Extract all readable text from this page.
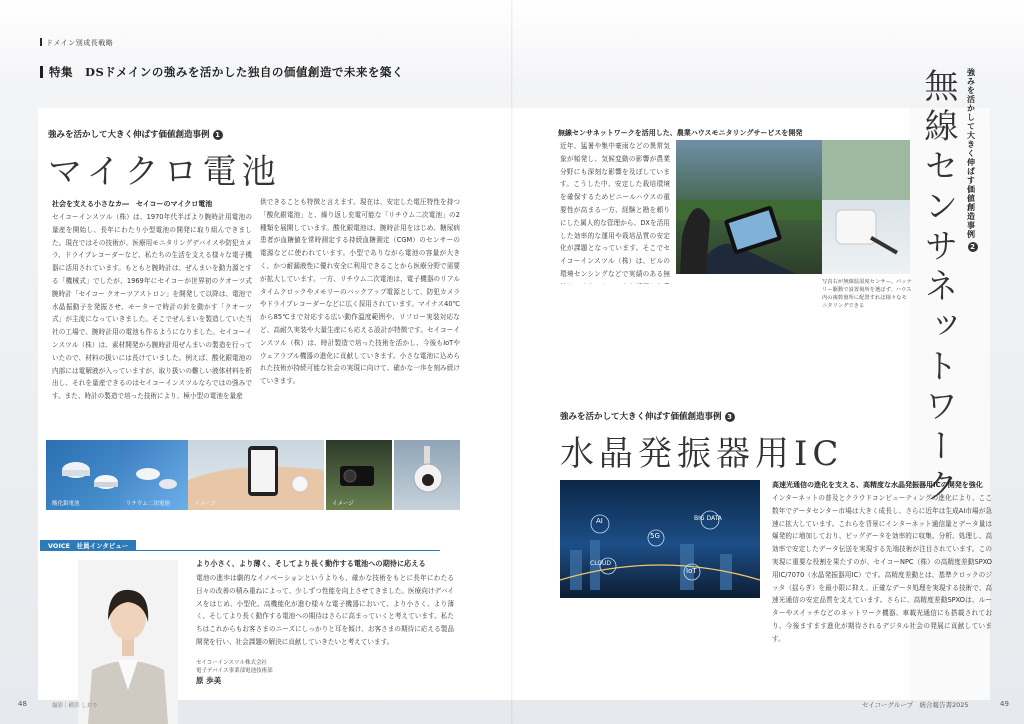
ドメイン別成長戦略
特集　DSドメインの強みを活かした独自の価値創造で未来を築く
強みを活かして大きく伸ばす価値創造事例 1
マイクロ電池
社会を支える小さなカ―　セイコーのマイクロ電池
セイコーインスツル（株）は、1970年代半ばより腕時計用電池の量産を開始し、長年にわたり小型電池の開発に取り組んできました。現在ではその技術が、医療用モニタリングデバイスや防犯カメラ、ドライブレコーダーなど、私たちの生活を支える様々な電子機器に活用されています。もともと腕時計は、ぜんまいを動力源とする「機械式」でしたが、1969年にセイコーが世界初のクオーツ式腕時計「セイコー クオーツアストロン」を開発して以降は、電池で水晶振動子を発振させ、モーターで時計の針を動かす「クオーツ式」が主流になっていきました。そこでぜんまいを製造していた当社の工場で、腕時計用の電池も作るようになりました。セイコーインスツル（株）は、素材開発から腕時計用ぜんまいの製造を行っていたので、材料の扱いには長けていました。例えば、酸化銀電池の内部には電解液が入っていますが、取り扱いの難しい液体材料を析出し、それを量産できるのはセイコーインスツルならではの強みです。また、時計の製造で培った技術により、極小型の電池を量産
供できることも特徴と言えます。現在は、安定した電圧特性を持つ「酸化銀電池」と、繰り返し充電可能な「リチウム二次電池」の2種類を展開しています。酸化銀電池は、腕時計用をはじめ、糖尿病患者が血糖値を常時測定する持続血糖測定（CGM）のセンサーの電源などに使われています。小型でありながら電池の容量が大きく、かつ耐漏液性に優れ安全に利用できることから医療分野で需要が拡大しています。一方、リチウム二次電池は、電子機器のリアルタイムクロックやメモリーのバックアップ電源として、防犯カメラやドライブレコーダーなどに広く採用されています。マイナス40℃から85℃まで対応する広い動作温度範囲や、リフロー実装対応など、高耐久実装や大量生産にも応える設計が特徴です。セイコーインスツル（株）は、時計製造で培った技術を活かし、今後もIoTやウェアラブル機器の進化に貢献していきます。小さな電池に込められた技術が持続可能な社会の実現に向けて、確かな一歩を刻み続けていきます。
酸化銀電池	リチウム二次電池	イメージ	イメージ
VOICE　社員インタビュー
より小さく、より薄く、そしてより長く動作する電池への期待に応える
電池の進歩は劇的なイノベーションというよりも、確かな技術をもとに長年にわたる日々の改善の積み重ねによって、少しずつ性能を向上させてきました。医療向けデバイスをはじめ、小型化、高機能化が進む様々な電子機器において、より小さく、より薄く、そしてより長く動作する電池への期待はさらに高まっていくと考えています。私たちはこれからもお客さまのニーズにしっかりと耳を傾け、お客さまの期待に応える製品開発を行い、社会課題の解決に貢献していきたいと考えています。
セイコーインスツル株式会社
電子デバイス事業部電池技術部
原 歩美
強みを活かして大きく伸ばす価値創造事例2
無線センサネットワーク
無線センサネットワークを活用した、農業ハウスモニタリングサービスを開発
近年、猛暑や集中豪雨などの異常気象が頻発し、気候変動の影響が農業分野にも深刻な影響を及ぼしています。こうした中、安定した栽培環境を確保するためビニールハウスの重要性が高まる一方、経験と勘を頼りにした属人的な管理から、DXを活用した効率的な運用や栽培品質の安定化が課題となっています。そこでセイコーインスツル（株）は、ビルの環境センシングなどで実績のある無
写真右が無線温湿度センサー。バッテリー駆動で設置場所を選ばず、ハウス内の複数箇所に配置すれば様々なモニタリングできる
強みを活かして大きく伸ばす価値創造事例 3
水晶発振器用IC
AI	BIG DATA
5G
CLOUD
IoT
高速光通信の進化を支える、高精度な水晶発振器用ICの開発を強化
インターネットの普及とクラウドコンピューティングの進化により、ここ数年でデータセンター市場は大きく成長し、さらに近年は生成AI市場が急速に拡大しています。これらを背景にインターネット通信量とデータ量は爆発的に増加しており、ビッグデータを効率的に収集、分析、処理し、高効率で安定したデータ伝送を実現する先端技術が注目されています。この実現に重要な役割を果たすのが、セイコーNPC（株）の高精度差動SPXO用IC/7070（水晶発振器用IC）です。高精度差動とは、基準クロックのジッタ（揺らぎ）を最小限に抑え、正確なデータ処理を実現する技術で、高速光通信の安定品質を支えています。さらに、高精度差動SPXOは、ルーターやスイッチなどのネットワーク機器、車載光通信にも搭載されており、今後ますます進化が期待されるデジタル社会の発展に貢献しています。
48	撮影｜横浜 しおり	セイコーグループ　統合報告書2025	49
